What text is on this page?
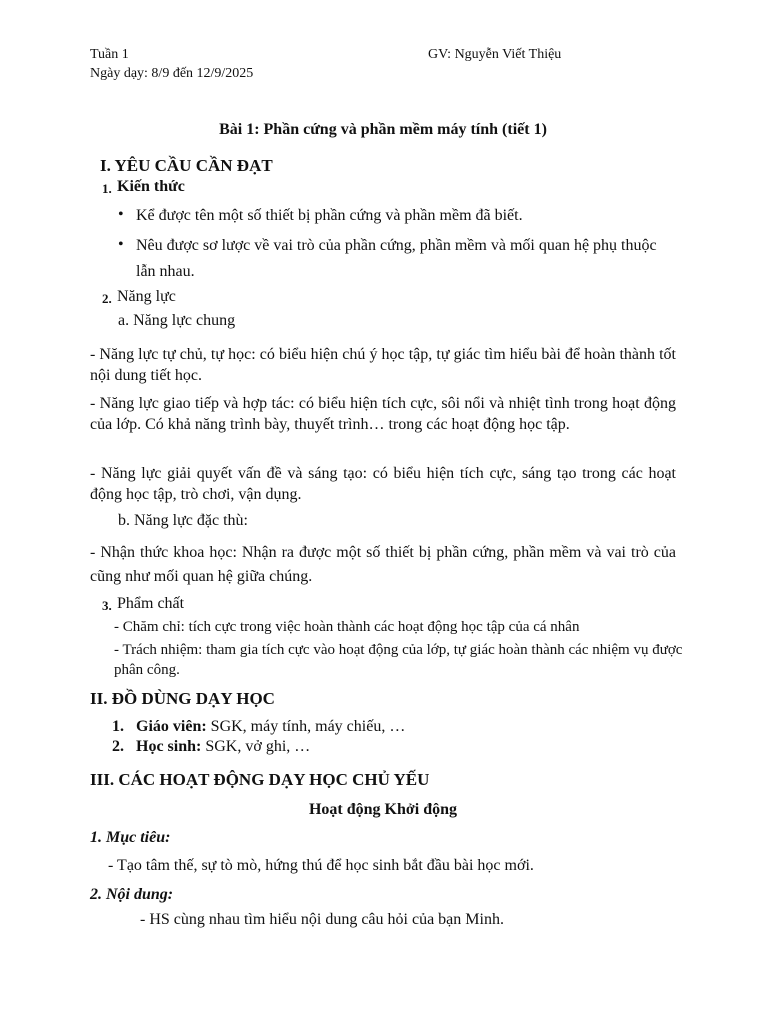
Tuần 1
Ngày dạy: 8/9 đến 12/9/2025
GV: Nguyễn Viết Thiệu
Bài 1: Phần cứng và phần mềm máy tính (tiết 1)
I. YÊU CẦU CẦN ĐẠT
1. Kiến thức
• Kể được tên một số thiết bị phần cứng và phần mềm đã biết.
• Nêu được sơ lược về vai trò của phần cứng, phần mềm và mối quan hệ phụ thuộc lẫn nhau.
2. Năng lực
a. Năng lực chung
- Năng lực tự chủ, tự học: có biểu hiện chú ý học tập, tự giác tìm hiểu bài để hoàn thành tốt nội dung tiết học.
- Năng lực giao tiếp và hợp tác: có biểu hiện tích cực, sôi nổi và nhiệt tình trong hoạt động của lớp. Có khả năng trình bày, thuyết trình… trong các hoạt động học tập.
- Năng lực giải quyết vấn đề và sáng tạo: có biểu hiện tích cực, sáng tạo trong các hoạt động học tập, trò chơi, vận dụng.
b. Năng lực đặc thù:
- Nhận thức khoa học: Nhận ra được một số thiết bị phần cứng, phần mềm và vai trò của cũng như mối quan hệ giữa chúng.
3. Phẩm chất
- Chăm chỉ: tích cực trong việc hoàn thành các hoạt động học tập của cá nhân
- Trách nhiệm: tham gia tích cực vào hoạt động của lớp, tự giác hoàn thành các nhiệm vụ được phân công.
II. ĐỒ DÙNG DẠY HỌC
1. Giáo viên: SGK, máy tính, máy chiếu, …
2. Học sinh: SGK, vở ghi, …
III. CÁC HOẠT ĐỘNG DẠY HỌC CHỦ YẾU
Hoạt động Khởi động
1. Mục tiêu:
- Tạo tâm thế, sự tò mò, hứng thú để học sinh bắt đầu bài học mới.
2. Nội dung:
- HS cùng nhau tìm hiểu nội dung câu hỏi của bạn Minh.
